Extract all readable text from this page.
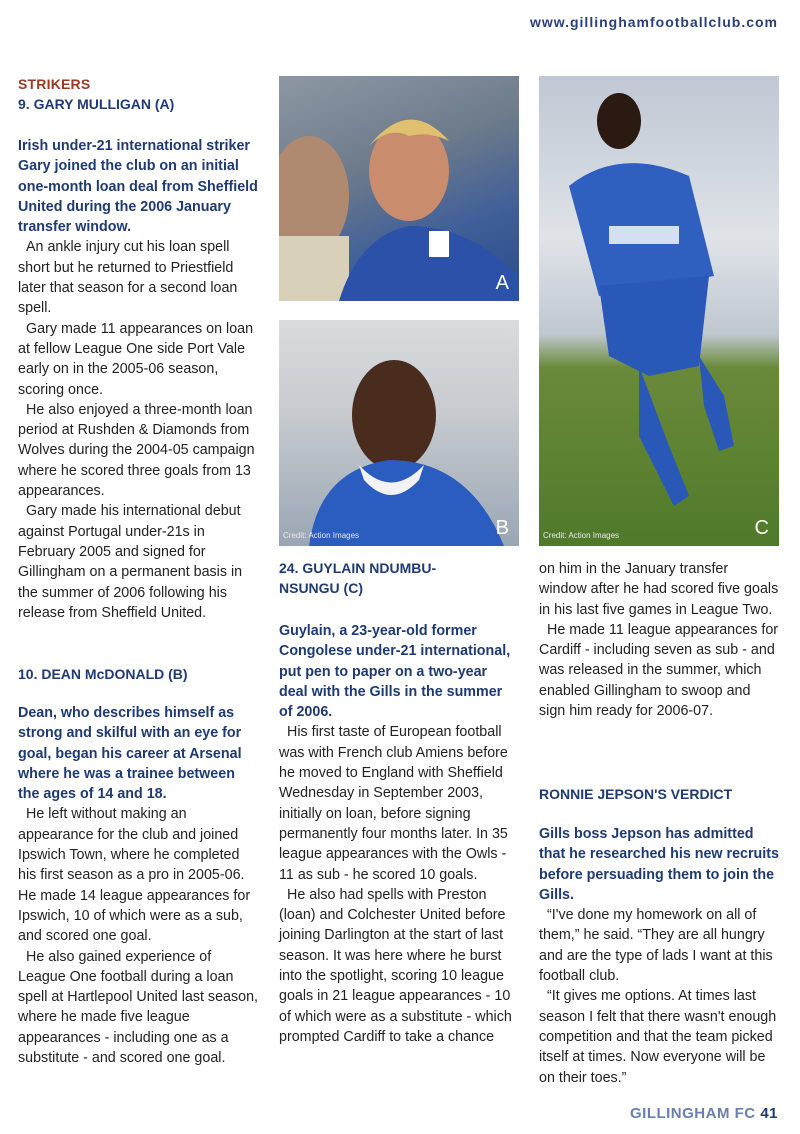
www.gillinghamfootballclub.com
STRIKERS
9. GARY MULLIGAN (A)
Irish under-21 international striker Gary joined the club on an initial one-month loan deal from Sheffield United during the 2006 January transfer window.
An ankle injury cut his loan spell short but he returned to Priestfield later that season for a second loan spell.
Gary made 11 appearances on loan at fellow League One side Port Vale early on in the 2005-06 season, scoring once.
He also enjoyed a three-month loan period at Rushden & Diamonds from Wolves during the 2004-05 campaign where he scored three goals from 13 appearances.
Gary made his international debut against Portugal under-21s in February 2005 and signed for Gillingham on a permanent basis in the summer of 2006 following his release from Sheffield United.
10. DEAN McDONALD (B)
Dean, who describes himself as strong and skilful with an eye for goal, began his career at Arsenal where he was a trainee between the ages of 14 and 18.
He left without making an appearance for the club and joined Ipswich Town, where he completed his first season as a pro in 2005-06. He made 14 league appearances for Ipswich, 10 of which were as a sub, and scored one goal.
He also gained experience of League One football during a loan spell at Hartlepool United last season, where he made five league appearances - including one as a substitute - and scored one goal.
A
Credit: Action Images	B	Credit: Action Images	C
24. GUYLAIN NDUMBU-NSUNGU (C)
Guylain, a 23-year-old former Congolese under-21 international, put pen to paper on a two-year deal with the Gills in the summer of 2006.
His first taste of European football was with French club Amiens before he moved to England with Sheffield Wednesday in September 2003, initially on loan, before signing permanently four months later. In 35 league appearances with the Owls - 11 as sub - he scored 10 goals.
He also had spells with Preston (loan) and Colchester United before joining Darlington at the start of last season. It was here where he burst into the spotlight, scoring 10 league goals in 21 league appearances - 10 of which were as a substitute - which prompted Cardiff to take a chance
on him in the January transfer window after he had scored five goals in his last five games in League Two.
He made 11 league appearances for Cardiff - including seven as sub - and was released in the summer, which enabled Gillingham to swoop and sign him ready for 2006-07.
RONNIE JEPSON'S VERDICT
Gills boss Jepson has admitted that he researched his new recruits before persuading them to join the Gills.
“I've done my homework on all of them,” he said. “They are all hungry and are the type of lads I want at this football club.
“It gives me options. At times last season I felt that there wasn't enough competition and that the team picked itself at times. Now everyone will be on their toes.”
GILLINGHAM FC 41
